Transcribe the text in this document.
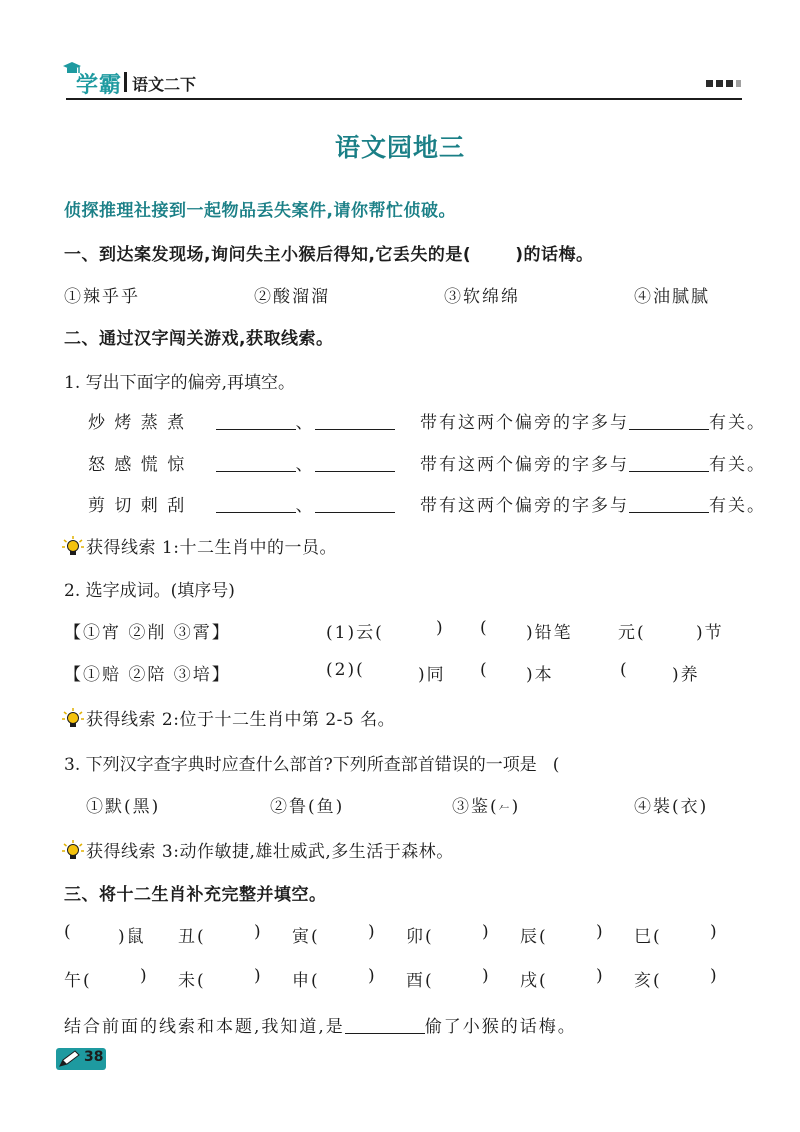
学霸 语文二下
语文园地三
侦探推理社接到一起物品丢失案件,请你帮忙侦破。
一、到达案发现场,询问失主小猴后得知,它丢失的是(	)的话梅。
①辣乎乎	②酸溜溜	③软绵绵	④油腻腻
二、通过汉字闯关游戏,获取线索。
1. 写出下面字的偏旁,再填空。
炒 烤 蒸 煮	、	带有这两个偏旁的字多与	有关。
怒 感 慌 惊	、	带有这两个偏旁的字多与	有关。
剪 切 刺 刮	、	带有这两个偏旁的字多与	有关。
获得线索 1:十二生肖中的一员。
2. 选字成词。(填序号)
【①宵 ②削 ③霄】	(1)云(	) ( )铅笔	元(	)节
【①赔 ②陪 ③培】	(2)(	)同 ( )本	(	)养
获得线索 2:位于十二生肖中第 2-5 名。
3. 下列汉字查字典时应查什么部首?下列所查部首错误的一项是 (
①默(黑)	②鲁(鱼)	③鉴(𠂉)	④裝(衣)
获得线索 3:动作敏捷,雄壮威武,多生活于森林。
三、将十二生肖补充完整并填空。
(	)鼠 丑(	) 寅(	) 卯(	) 辰(	) 巳(	)
午(	) 未(	) 申(	) 酉(	) 戌(	) 亥(	)
结合前面的线索和本题,我知道,是	偷了小猴的话梅。
38
